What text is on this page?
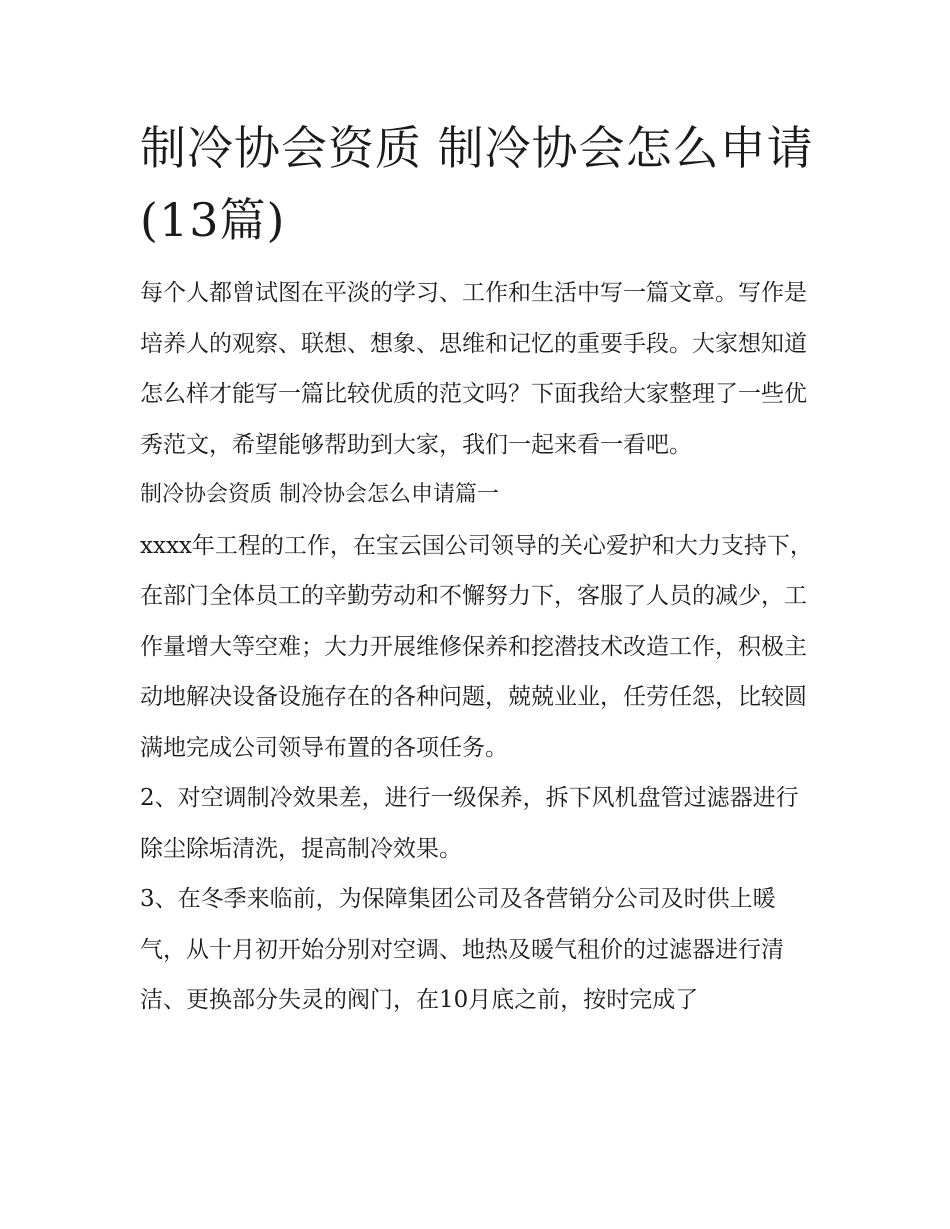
制冷协会资质 制冷协会怎么申请(13篇)

每个人都曾试图在平淡的学习、工作和生活中写一篇文章。写作是培养人的观察、联想、想象、思维和记忆的重要手段。大家想知道怎么样才能写一篇比较优质的范文吗？下面我给大家整理了一些优秀范文，希望能够帮助到大家，我们一起来看一看吧。

制冷协会资质 制冷协会怎么申请篇一

xxxx年工程的工作，在宝云国公司领导的关心爱护和大力支持下，在部门全体员工的辛勤劳动和不懈努力下，客服了人员的减少，工作量增大等空难；大力开展维修保养和挖潜技术改造工作，积极主动地解决设备设施存在的各种问题，兢兢业业，任劳任怨，比较圆满地完成公司领导布置的各项任务。

2、对空调制冷效果差，进行一级保养，拆下风机盘管过滤器进行除尘除垢清洗，提高制冷效果。

3、在冬季来临前，为保障集团公司及各营销分公司及时供上暖气，从十月初开始分别对空调、地热及暖气租价的过滤器进行清洁、更换部分失灵的阀门，在10月底之前，按时完成了
